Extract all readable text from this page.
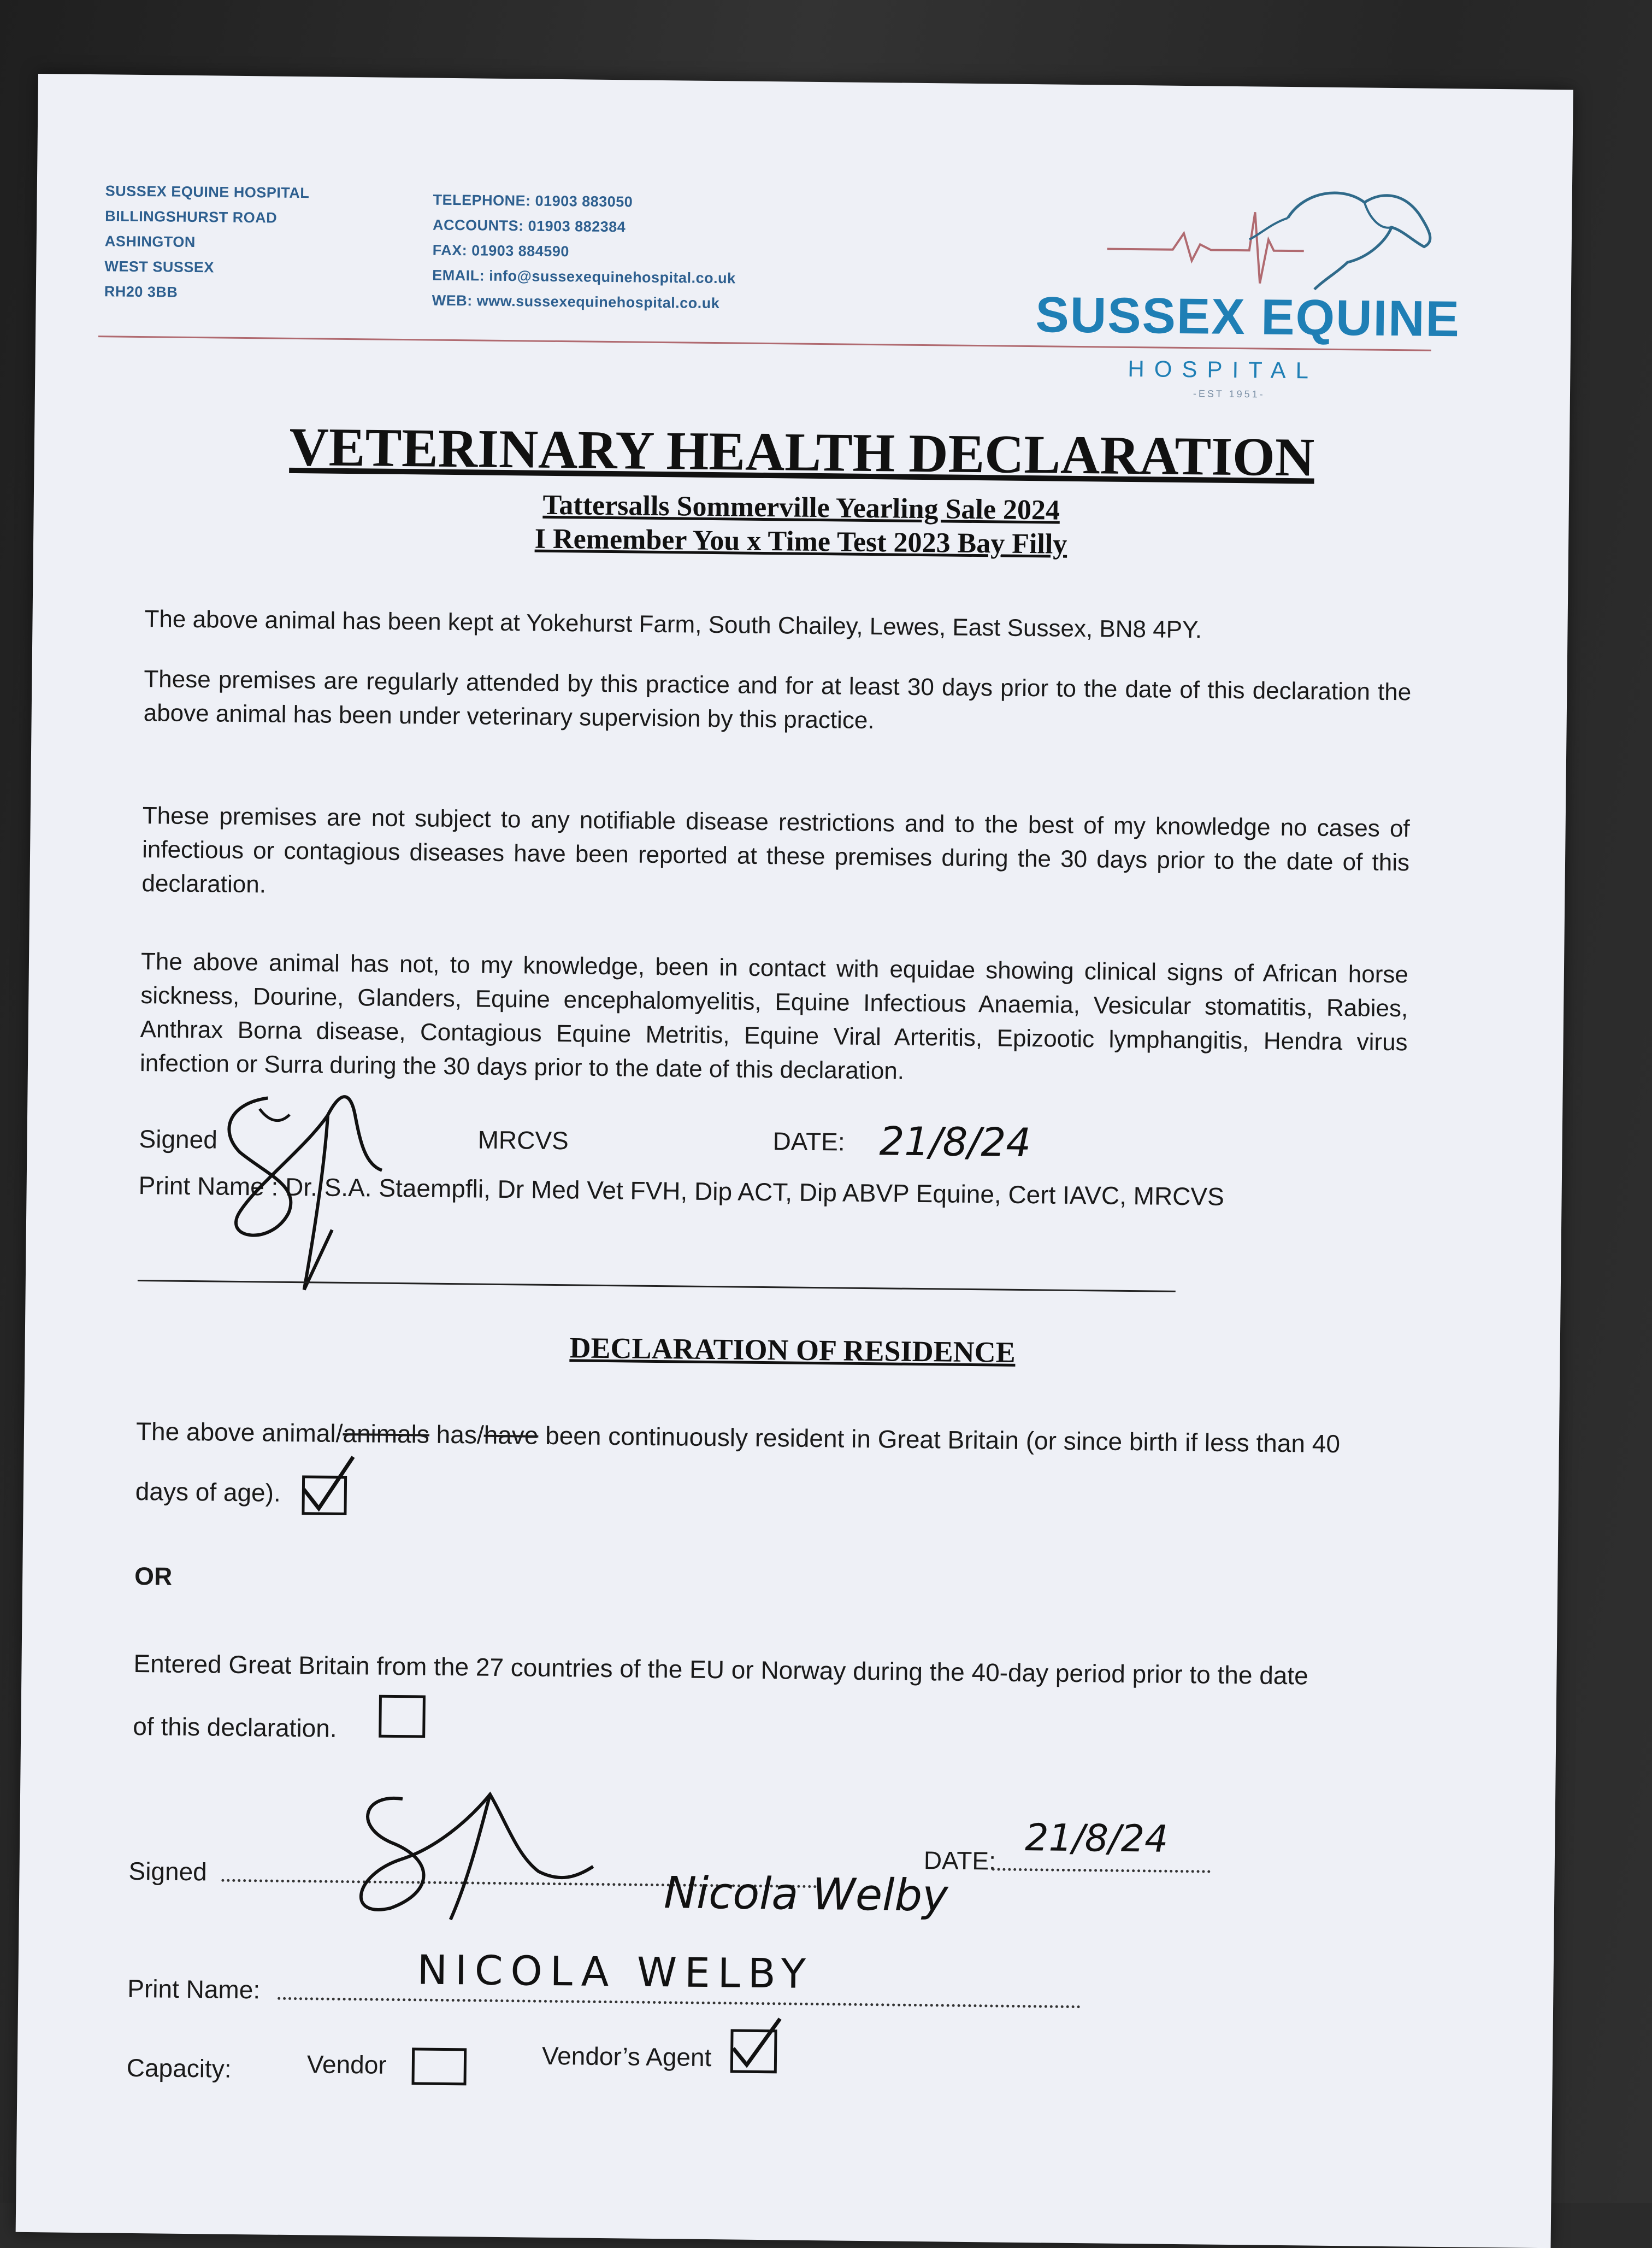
SUSSEX EQUINE HOSPITAL
BILLINGSHURST ROAD
ASHINGTON
WEST SUSSEX
RH20 3BB
TELEPHONE: 01903 883050
ACCOUNTS: 01903 882384
FAX: 01903 884590
EMAIL: info@sussexequinehospital.co.uk
WEB: www.sussexequinehospital.co.uk	SUSSEX EQUINE
HOSPITAL
-EST 1951-
VETERINARY HEALTH DECLARATION
Tattersalls Sommerville Yearling Sale 2024
I Remember You x Time Test 2023 Bay Filly
The above animal has been kept at Yokehurst Farm, South Chailey, Lewes, East Sussex, BN8 4PY.
These premises are regularly attended by this practice and for at least 30 days prior to the date of this declaration the above animal has been under veterinary supervision by this practice.
These premises are not subject to any notifiable disease restrictions and to the best of my knowledge no cases of infectious or contagious diseases have been reported at these premises during the 30 days prior to the date of this declaration.
The above animal has not, to my knowledge, been in contact with equidae showing clinical signs of African horse sickness, Dourine, Glanders, Equine encephalomyelitis, Equine Infectious Anaemia, Vesicular stomatitis, Rabies, Anthrax Borna disease, Contagious Equine Metritis, Equine Viral Arteritis, Epizootic lymphangitis, Hendra virus infection or Surra during the 30 days prior to the date of this declaration.
Signed	MRCVS	DATE: 21/8/24
Print Name : Dr. S.A. Staempfli, Dr Med Vet FVH, Dip ACT, Dip ABVP Equine, Cert IAVC, MRCVS
DECLARATION OF RESIDENCE
The above animal/animals has/have been continuously resident in Great Britain (or since birth if less than 40
days of age).
OR
Entered Great Britain from the 27 countries of the EU or Norway during the 40-day period prior to the date
of this declaration.
Signed	Nicola Welby
DATE: 21/8/24
Print Name:	NICOLA WELBY
Capacity:	Vendor	Vendor’s Agent
